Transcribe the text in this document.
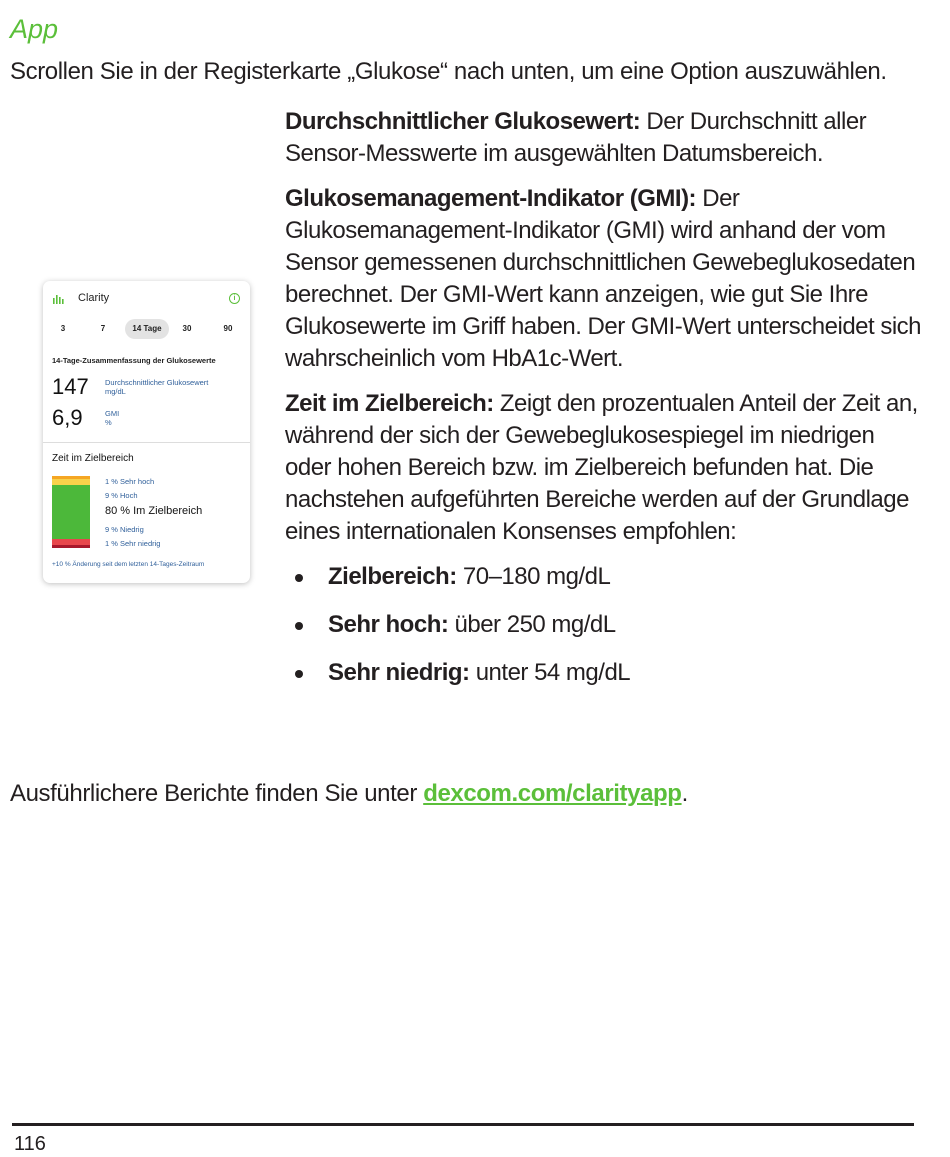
App
Scrollen Sie in der Registerkarte „Glukose“ nach unten, um eine Option auszuwählen.
Clarity	i
3	7	14 Tage	30	90
14-Tage-Zusammenfassung der Glukosewerte
147 Durchschnittlicher Glukosewert
mg/dL
6,9	GMI
%
Zeit im Zielbereich
1 % Sehr hoch
9 % Hoch
80 % Im Zielbereich
9 % Niedrig
1 % Sehr niedrig
+10 % Änderung seit dem letzten 14-Tages-Zeitraum

Durchschnittlicher Glukosewert: Der Durchschnitt aller Sensor-Messwerte im ausgewählten Datumsbereich.

Glukosemanagement-Indikator (GMI): Der Glukosemanagement-Indikator (GMI) wird anhand der vom Sensor gemessenen durchschnittlichen Gewebeglukosedaten berechnet. Der GMI-Wert kann anzeigen, wie gut Sie Ihre Glukosewerte im Griff haben. Der GMI-Wert unterscheidet sich wahrscheinlich vom HbA1c-Wert.

Zeit im Zielbereich: Zeigt den prozentualen Anteil der Zeit an, während der sich der Gewebeglukosespiegel im niedrigen oder hohen Bereich bzw. im Zielbereich befunden hat. Die nachstehen aufgeführten Bereiche werden auf der Grundlage eines internationalen Konsenses empfohlen:

Zielbereich: 70–180 mg/dL
Sehr hoch: über 250 mg/dL
Sehr niedrig: unter 54 mg/dL
Ausführlichere Berichte finden Sie unter dexcom.com/clarityapp.
116
